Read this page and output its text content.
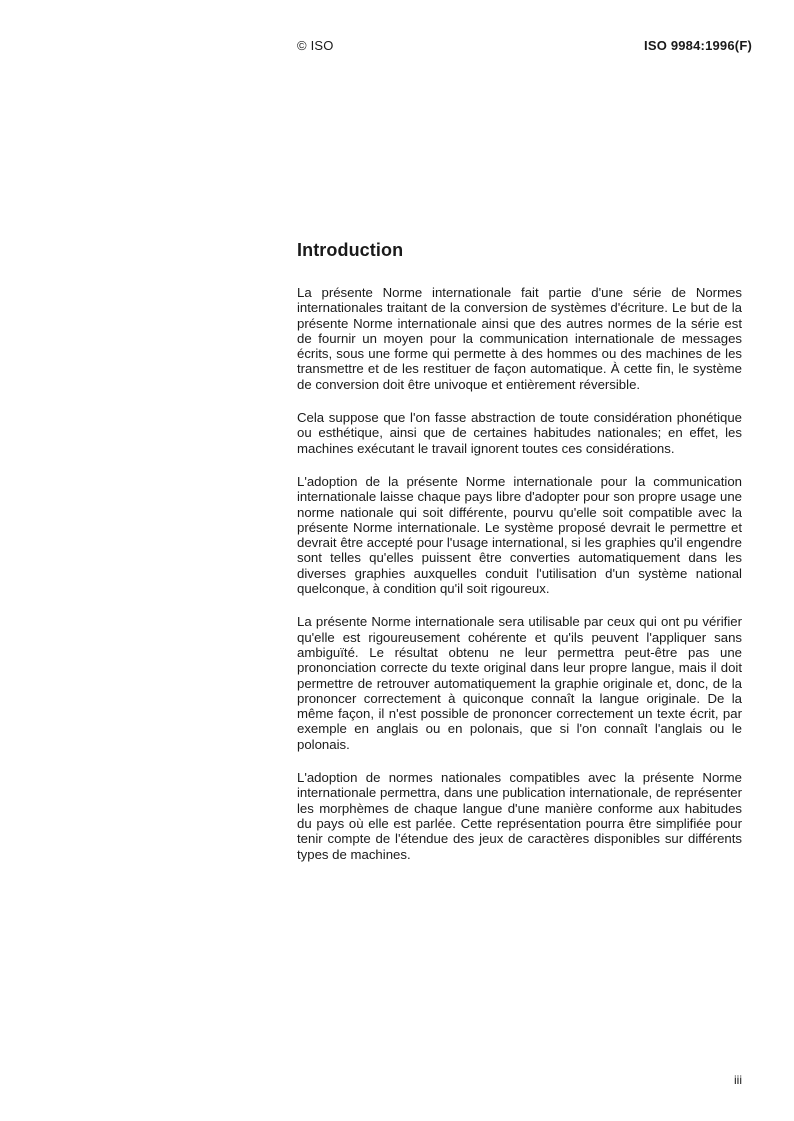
© ISO	ISO 9984:1996(F)
Introduction

La présente Norme internationale fait partie d'une série de Normes internationales traitant de la conversion de systèmes d'écriture. Le but de la présente Norme internationale ainsi que des autres normes de la série est de fournir un moyen pour la communication internationale de messages écrits, sous une forme qui permette à des hommes ou des machines de les transmettre et de les restituer de façon automatique. À cette fin, le système de conversion doit être univoque et entièrement réversible.

Cela suppose que l'on fasse abstraction de toute considération phonétique ou esthétique, ainsi que de certaines habitudes nationales; en effet, les machines exécutant le travail ignorent toutes ces considérations.

L'adoption de la présente Norme internationale pour la communication internationale laisse chaque pays libre d'adopter pour son propre usage une norme nationale qui soit différente, pourvu qu'elle soit compatible avec la présente Norme internationale. Le système proposé devrait le permettre et devrait être accepté pour l'usage international, si les graphies qu'il engendre sont telles qu'elles puissent être converties automatiquement dans les diverses graphies auxquelles conduit l'utilisation d'un système national quelconque, à condition qu'il soit rigoureux.

La présente Norme internationale sera utilisable par ceux qui ont pu vérifier qu'elle est rigoureusement cohérente et qu'ils peuvent l'appliquer sans ambiguïté. Le résultat obtenu ne leur permettra peut-être pas une prononciation correcte du texte original dans leur propre langue, mais il doit permettre de retrouver automatiquement la graphie originale et, donc, de la prononcer correctement à quiconque connaît la langue originale. De la même façon, il n'est possible de prononcer correctement un texte écrit, par exemple en anglais ou en polonais, que si l'on connaît l'anglais ou le polonais.

L'adoption de normes nationales compatibles avec la présente Norme internationale permettra, dans une publication internationale, de représenter les morphèmes de chaque langue d'une manière conforme aux habitudes du pays où elle est parlée. Cette représentation pourra être simplifiée pour tenir compte de l'étendue des jeux de caractères disponibles sur différents types de machines.

iii
